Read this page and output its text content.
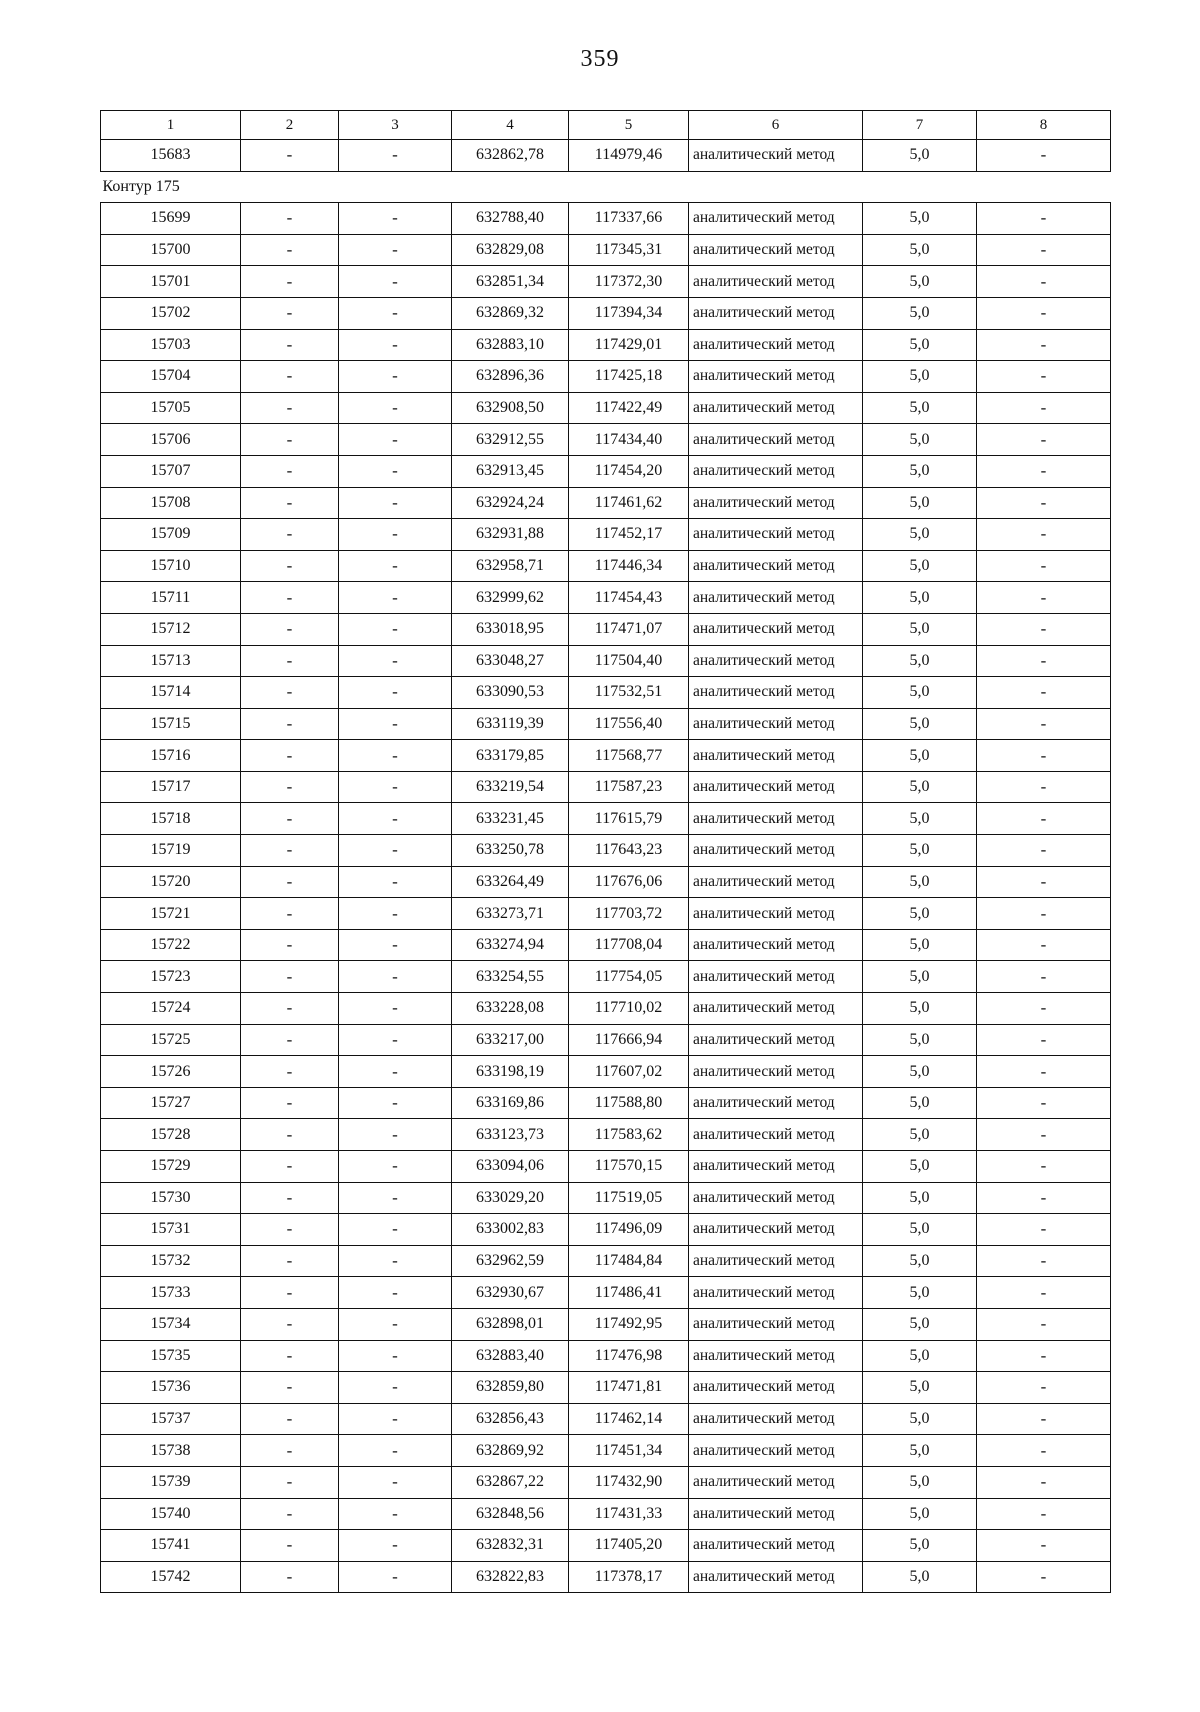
359
1	2	3	4	5	6	7	8
15683	-	-	632862,78	114979,46	аналитический метод	5,0	-
Контур 175							
15699	-	-	632788,40	117337,66	аналитический метод	5,0	-
15700	-	-	632829,08	117345,31	аналитический метод	5,0	-
15701	-	-	632851,34	117372,30	аналитический метод	5,0	-
15702	-	-	632869,32	117394,34	аналитический метод	5,0	-
15703	-	-	632883,10	117429,01	аналитический метод	5,0	-
15704	-	-	632896,36	117425,18	аналитический метод	5,0	-
15705	-	-	632908,50	117422,49	аналитический метод	5,0	-
15706	-	-	632912,55	117434,40	аналитический метод	5,0	-
15707	-	-	632913,45	117454,20	аналитический метод	5,0	-
15708	-	-	632924,24	117461,62	аналитический метод	5,0	-
15709	-	-	632931,88	117452,17	аналитический метод	5,0	-
15710	-	-	632958,71	117446,34	аналитический метод	5,0	-
15711	-	-	632999,62	117454,43	аналитический метод	5,0	-
15712	-	-	633018,95	117471,07	аналитический метод	5,0	-
15713	-	-	633048,27	117504,40	аналитический метод	5,0	-
15714	-	-	633090,53	117532,51	аналитический метод	5,0	-
15715	-	-	633119,39	117556,40	аналитический метод	5,0	-
15716	-	-	633179,85	117568,77	аналитический метод	5,0	-
15717	-	-	633219,54	117587,23	аналитический метод	5,0	-
15718	-	-	633231,45	117615,79	аналитический метод	5,0	-
15719	-	-	633250,78	117643,23	аналитический метод	5,0	-
15720	-	-	633264,49	117676,06	аналитический метод	5,0	-
15721	-	-	633273,71	117703,72	аналитический метод	5,0	-
15722	-	-	633274,94	117708,04	аналитический метод	5,0	-
15723	-	-	633254,55	117754,05	аналитический метод	5,0	-
15724	-	-	633228,08	117710,02	аналитический метод	5,0	-
15725	-	-	633217,00	117666,94	аналитический метод	5,0	-
15726	-	-	633198,19	117607,02	аналитический метод	5,0	-
15727	-	-	633169,86	117588,80	аналитический метод	5,0	-
15728	-	-	633123,73	117583,62	аналитический метод	5,0	-
15729	-	-	633094,06	117570,15	аналитический метод	5,0	-
15730	-	-	633029,20	117519,05	аналитический метод	5,0	-
15731	-	-	633002,83	117496,09	аналитический метод	5,0	-
15732	-	-	632962,59	117484,84	аналитический метод	5,0	-
15733	-	-	632930,67	117486,41	аналитический метод	5,0	-
15734	-	-	632898,01	117492,95	аналитический метод	5,0	-
15735	-	-	632883,40	117476,98	аналитический метод	5,0	-
15736	-	-	632859,80	117471,81	аналитический метод	5,0	-
15737	-	-	632856,43	117462,14	аналитический метод	5,0	-
15738	-	-	632869,92	117451,34	аналитический метод	5,0	-
15739	-	-	632867,22	117432,90	аналитический метод	5,0	-
15740	-	-	632848,56	117431,33	аналитический метод	5,0	-
15741	-	-	632832,31	117405,20	аналитический метод	5,0	-
15742	-	-	632822,83	117378,17	аналитический метод	5,0	-
